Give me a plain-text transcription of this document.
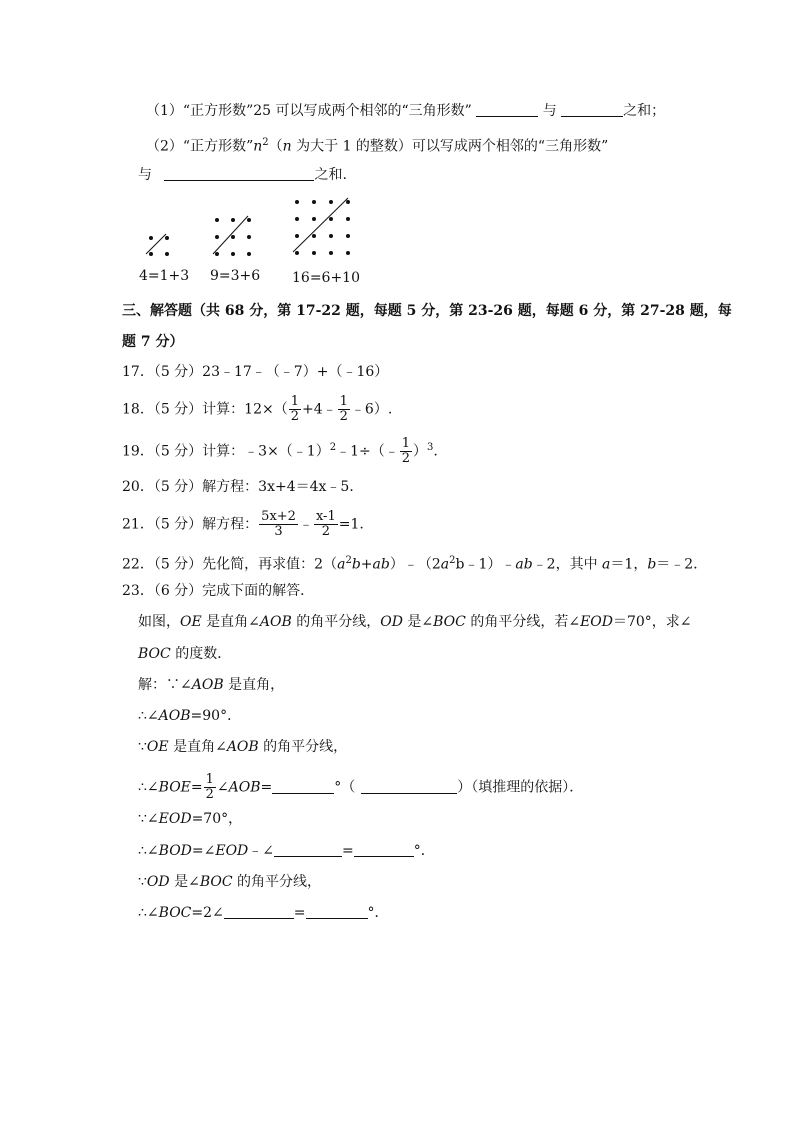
（1）“正方形数”25 可以写成两个相邻的“三角形数”	与	之和；
（2）“正方形数$”n^2(n$ 为大于 1 的整数）可以写成两个相邻的“三角形数”
与	之和.
4=1+3 9=3+6 16=6+10
三、解答题（共 68 分，第 17-22 题，每题 5 分，第 23-26 题，每题 6 分，第 27-28 题，每
题 7 分）
17．（5 分）23﹣17﹣（﹣7）+（﹣16）
18．（5 分）计算：$12\times( \frac{1}{2}$ +4﹣ $\frac{1}{2}$ ﹣6）.
19．（5 分）计算：﹣3×（﹣1）$^2$﹣1÷（﹣ $\frac{1}{2} )^3$.
20．（5 分）解方程：3x+4＝4x﹣5．
21．（5 分）解方程： $\frac{5x+2}{3}$ ﹣ $\frac{x-1}{2} =1$.
22．（5 分）先化简，再求值：$2(a^2b+ab)﹣(2a^2b﹣1)﹣ab﹣2$，其中 a＝1，b＝﹣2．
23．（6 分）完成下面的解答．
如图，OE 是直角∠AOB 的角平分线，OD 是∠BOC 的角平分线，若∠EOD＝70°，求∠
BOC 的度数．
解：∵∠AOB 是直角，
∴∠AOB=90°．
∵OE 是直角∠AOB 的角平分线，
∴∠BOE= $\frac{1}{2}$ ∠AOB=	°（	）（填推理的依据）．
∵∠EOD=70°，
∴∠BOD=∠EOD﹣∠	=	°．
∵OD 是∠BOC 的角平分线，
∴∠BOC=2∠	=	°．
